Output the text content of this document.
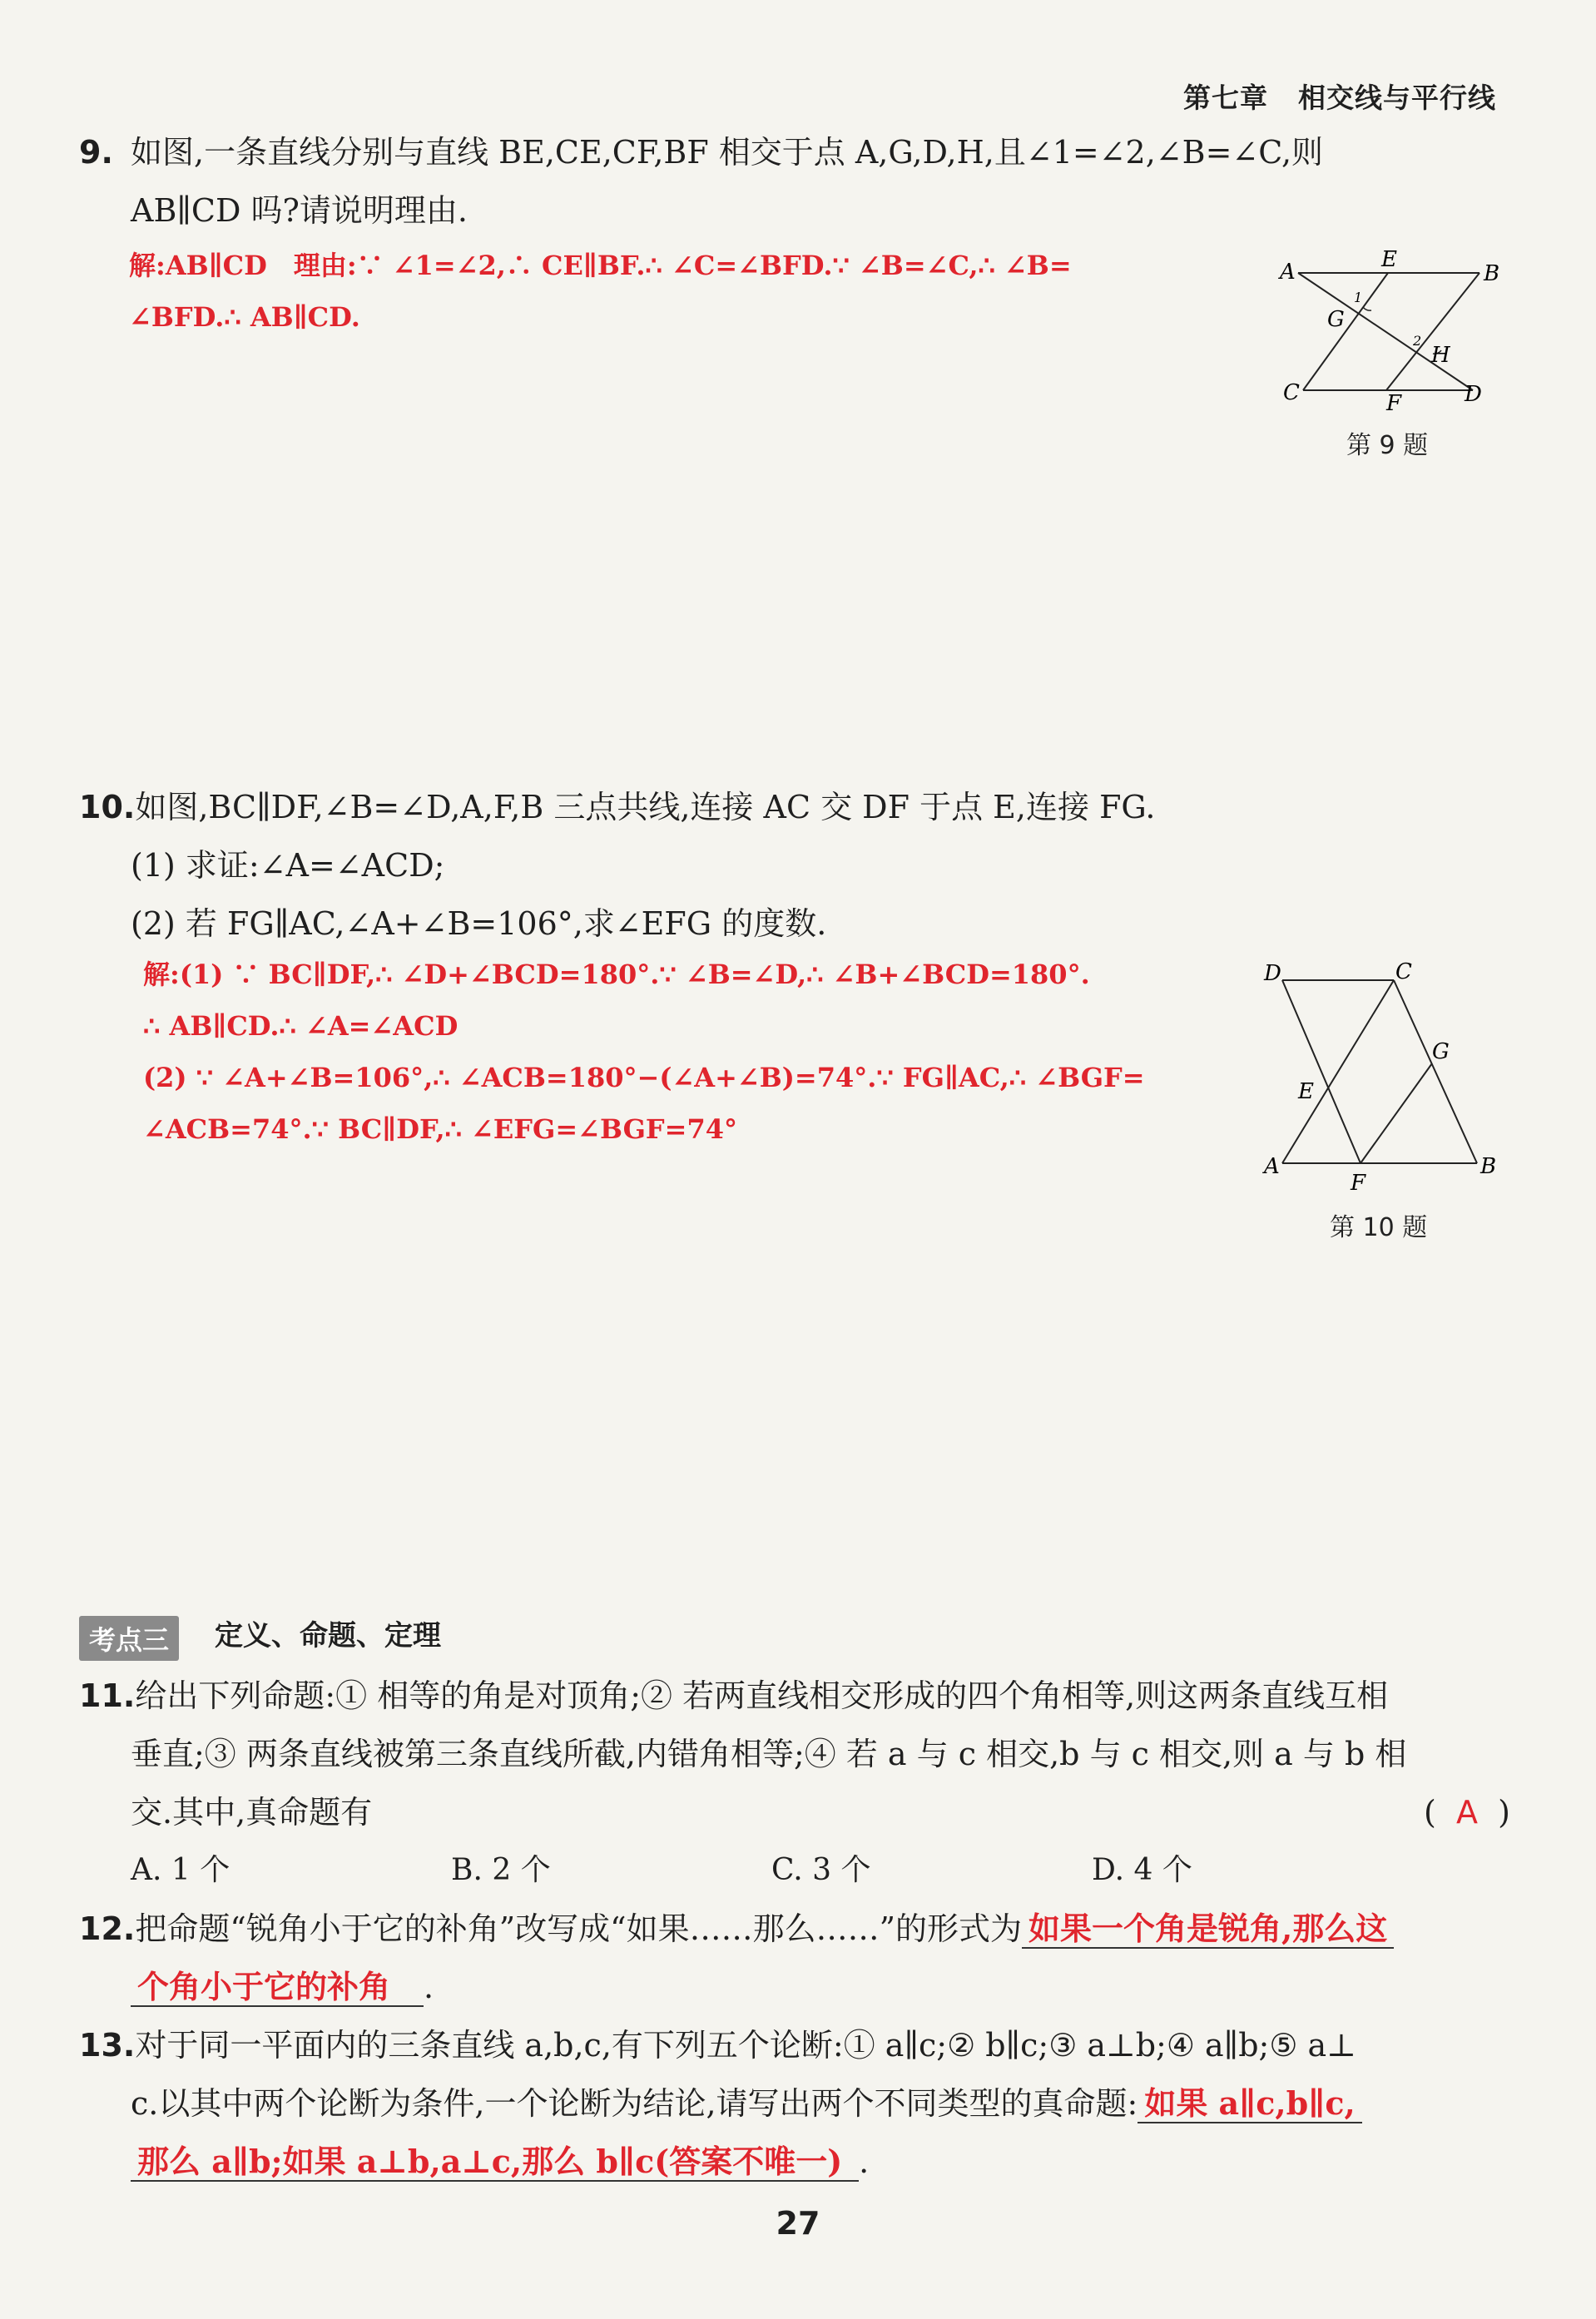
第七章 相交线与平行线
9. 如图,一条直线分别与直线 BE,CE,CF,BF 相交于点 A,G,D,H,且∠1=∠2,∠B=∠C,则
AB∥CD 吗?请说明理由.
解:AB∥CD　理由:∵ ∠1=∠2,∴ CE∥BF.∴ ∠C=∠BFD.∵ ∠B=∠C,∴ ∠B=
∠BFD.∴ AB∥CD.
A	E
B
G
1
2
H
C	F	D
第 9 题
10.如图,BC∥DF,∠B=∠D,A,F,B 三点共线,连接 AC 交 DF 于点 E,连接 FG.
(1) 求证:∠A=∠ACD;
(2) 若 FG∥AC,∠A+∠B=106°,求∠EFG 的度数.
解:(1) ∵ BC∥DF,∴ ∠D+∠BCD=180°.∵ ∠B=∠D,∴ ∠B+∠BCD=180°.
∴ AB∥CD.∴ ∠A=∠ACD
(2) ∵ ∠A+∠B=106°,∴ ∠ACB=180°−(∠A+∠B)=74°.∵ FG∥AC,∴ ∠BGF=
∠ACB=74°.∵ BC∥DF,∴ ∠EFG=∠BGF=74°
D	C
G
E
A
F
B
第 10 题
考点三	定义、命题、定理
11.给出下列命题:① 相等的角是对顶角;② 若两直线相交形成的四个角相等,则这两条直线互相
垂直;③ 两条直线被第三条直线所截,内错角相等;④ 若 a 与 c 相交,b 与 c 相交,则 a 与 b 相
交.其中,真命题有	( A )
A. 1 个	B. 2 个	C. 3 个	D. 4 个
12.把命题“锐角小于它的补角”改写成“如果……那么……”的形式为 如果一个角是锐角,那么这
个角小于它的补角 .
13.对于同一平面内的三条直线 a,b,c,有下列五个论断:① a∥c;② b∥c;③ a⊥b;④ a∥b;⑤ a⊥
c.以其中两个论断为条件,一个论断为结论,请写出两个不同类型的真命题: 如果 a∥c,b∥c,
那么 a∥b;如果 a⊥b,a⊥c,那么 b∥c(答案不唯一) .
27
